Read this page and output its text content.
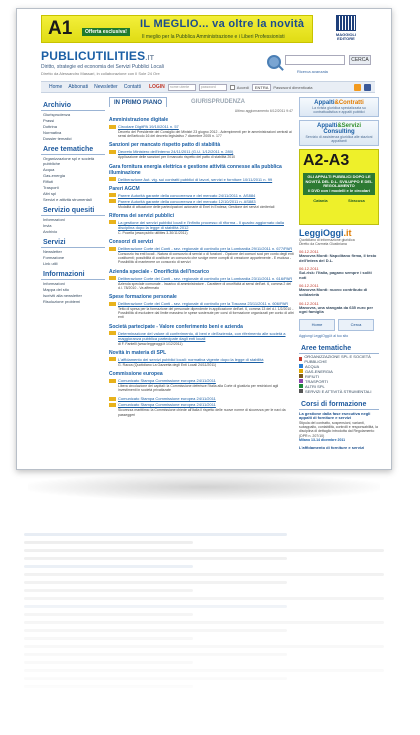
A1	Offerta esclusiva!
IL MEGLIO... va oltre la novità
Il meglio per la Pubblica Amministrazione e i Liberi Professionisti	MAGGIOLI EDITORE
PUBLICUTILITIES.IT
Diritto, strategie ed economia dei Servizi Pubblici Locali
Diretto da Alessandro Massari, in collaborazione con Il Sole 24 Ore
CERCA
Ricerca avanzata
Home Abbonati Newsletter Contatti LOGIN	nome utente	password	Accedi	ENTRA	Password dimenticata
Archivio
Giurisprudenza
Prassi
Dottrina
Normativa
Dossier tematici
Aree tematiche
Organizzazione spl e società pubbliche
Acqua
Gas-energia
Rifiuti
Trasporti
Altri spl
Servizi e attività strumentali
Servizio quesiti
Informazioni
Invia
Archivio
Servizi
Newsletter
Formazione
Link utili
Informazioni
Informazioni
Mappa del sito
Iscriviti alla newsletter
Risoluzione problemi
IN PRIMO PIANO	GIURISPRUDENZA
Ultimo aggiornamento 6/12/2011 9:47
Amministrazione digitale
Circolare DigitPA 19/10/2011 n. 57
Decreto del Presidente del Consiglio dei Ministri 23 giugno 2012 - Adempimenti per le amministrazioni centrali ai sensi dell'articolo 16 del decreto legislativo 7 dicembre 2005 n. 177
Sanzioni per mancato rispetto patto di stabilità
Decreto Ministero dell'Interno 24/11/2011 (G.U. 1/12/2011 n. 280)
Applicazione delle sanzioni per il mancato rispetto del patto di stabilità 2010
Gara fornitura energia elettrica e gestione attività connesse alla pubblica illuminazione
Deliberazione Aut. vig. sui contratti pubblici di lavori, servizi e forniture 10/11/2011 n. 99
Pareri AGCM
Parere Autorità garante della concorrenza e del mercato 24/11/2011 n. AS884
Parere Autorità garante della concorrenza e del mercato 12/10/2011 n. AS883
Modalità di attuazione delle partecipazioni azionarie di Enel in Endesa; Gestione dei servizi cimiteriali
Riforma dei servizi pubblici
La gestione dei servizi pubblici locali e l'infinito processo di riforma - Il quadro aggiornato dalla disciplina dopo la legge di stabilità 2012
C. Pocella (www.public utilities 3-30/11/2011)
Consorzi di servizi
Deliberazione Corte dei Conti - sez. regionale di controllo per la Lombardia 29/11/2011 n. 677/PAR
Consorzio tra enti locali - Natura di consorzio di servizi o di funzioni - Opzione dei comuni soci per conto degli enti costituenti; possibilità di costituire un consorzio che svolge mere compiti di creazione appartenente - E esclusa - Possibilità di mantenere un consorzio di servizi
Azienda speciale - Onorificità dell'incarico
Deliberazione Corte dei Conti - sez. regionale di controllo per la Lombardia 23/11/2011 n. 616/PAR
Azienda speciale comunale - Incarico di amministratore - Carattere di onorificità ai sensi dell'art. 6, comma 2 del d.l. 78/2010 - Va affermato
Spese formazione personale
Deliberazione Corte dei Conti - sez. regionale di controllo per la Toscana 23/11/2011 n. 606/PAR
Tetto di spesa per la formazione del personale dipendente in applicazione dell'art. 6, comma 13 del d.l. 1/2/2010 - Possibilità di escludere dal limite massimo le spese sostenute per corsi di formazione organizzati per conto di altri enti
Società partecipate - Valore conferimento beni e azienda
Determinazione del valore di conferimento, di beni e dell'azienda, con riferimento alle società a maggioranza pubblica partecipate dagli enti locali
di F. Fantelli (www.leggeoggi.it 1/12/2011)
Novità in materia di SPL
L'affidamento dei servizi pubblici locali: normativa vigente dopo la legge di stabilità
G. Racca (Quotidiano La Gazzetta degli Enti Locali 24/11/2011)
Commissione europea
Comunicato Stampa Commissione europea 24/11/2011
Libera circolazione dei capitali: la Commissione deferisce l'Italia alla Corte di giustizia per restrizioni agli investimenti in società privatizzate
Comunicato Stampa Commissione europea 24/11/2011
Comunicato Stampa Commissione europea 24/11/2011
Sicurezza marittima: la Commissione chiede all'Italia il rispetto delle nuove norme di sicurezza per le navi da passeggeri
Appalti&Contratti
La rivista giuridica specializzata su contrattualistica e appalti pubblici
Appalti&Servizi Consulting
Servizio di assistenza giuridica alle stazioni appaltanti
A2-A3
GLI APPALTI PUBBLICI DOPO LE NOVITÀ DEL D.L. SVILUPPO E DEL REGOLAMENTO
Il DVD con i modelli e le circolari
Catania	Siracusa
LeggiOggi.it
Quotidiano di informazione giuridica
Diretto da Carmela Giustiniana
06.12.2011
Manovra Monti: Napolitano firma, il testo dell'intera del D.L.
06.12.2011
Sul-risk: l'Italia, pagano sempre i soliti noti
06.12.2011
Manovra Monti: nuovo contributo di solidarietà
06.12.2011
Manovra, una stangata da 635 euro per ogni famiglia
Home	Cerca
Aggiungi LeggiOggi.it al tuo sito
Aree tematiche
ORGANIZZAZIONE SPL E SOCIETÀ PUBBLICHE
ACQUA
GAS-ENERGIA
RIFIUTI
TRASPORTI
ALTRI SPL
SERVIZI E ATTIVITÀ STRUMENTALI
Corsi di formazione
La gestione dalla fase esecutiva negli appalti di forniture e servizi
Stipula del contratto, sospensioni, varianti, subappalto, contabilità, controlli e responsabilità, la disciplina di dettaglio introdotta dal Regolamento (DPR n. 207/10)
Milano 13-14 dicembre 2011
L'affidamento di forniture e servizi
